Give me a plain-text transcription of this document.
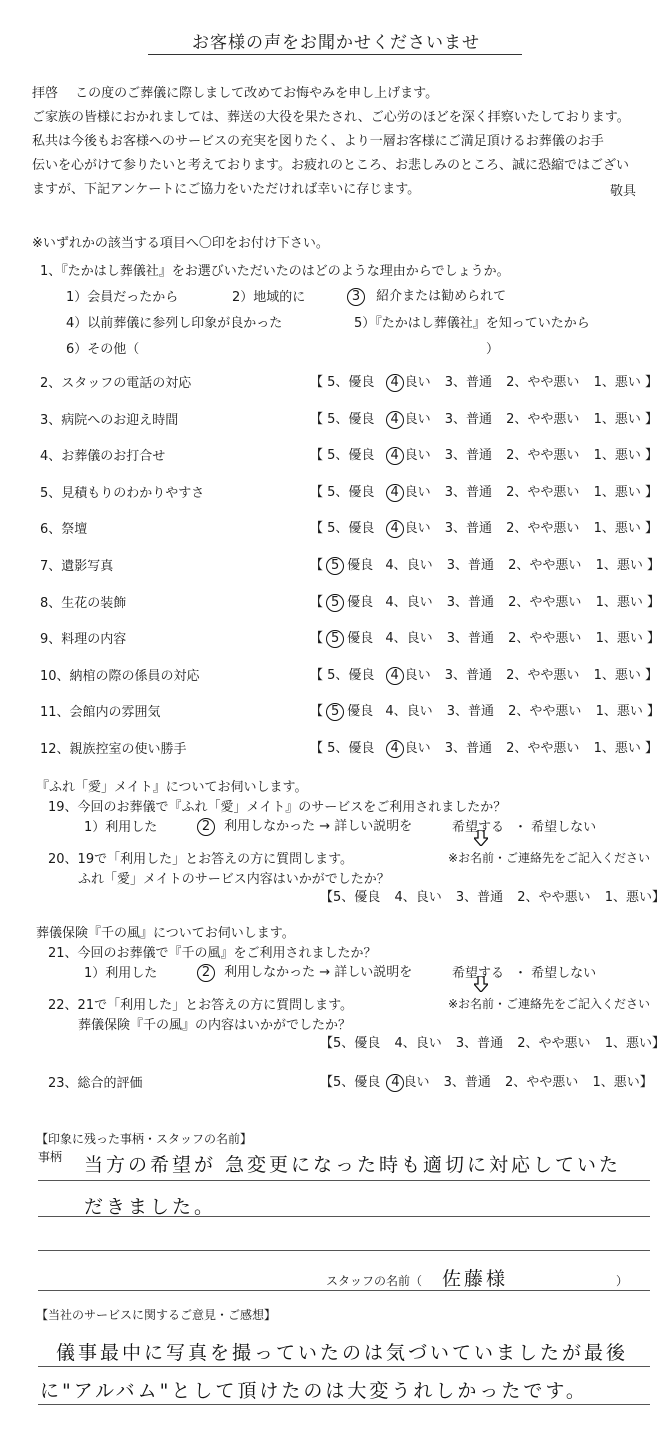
お客様の声をお聞かせくださいませ
拝啓　 この度のご葬儀に際しまして改めてお悔やみを申し上げます。
ご家族の皆様におかれましては、葬送の大役を果たされ、ご心労のほどを深く拝察いたしております。
私共は今後もお客様へのサービスの充実を図りたく、より一層お客様にご満足頂けるお葬儀のお手
伝いを心がけて参りたいと考えております。お疲れのところ、お悲しみのところ、誠に恐縮ではござい
ますが、下記アンケートにご協力をいただければ幸いに存じます。	敬具
※いずれかの該当する項目へ〇印をお付け下さい。
1、『たかはし葬儀社』をお選びいただいたのはどのような理由からでしょうか。
1）会員だったから	2）地域的に	3 紹介または勧められて
4）以前葬儀に参列し印象が良かった	5）『たかはし葬儀社』を知っていたから
6）その他（	）
2、スタッフの電話の対応	【 5、優良 4 良い 3、普通 2、やや悪い 1、悪い 】
3、病院へのお迎え時間	【 5、優良 4 良い 3、普通 2、やや悪い 1、悪い 】
4、お葬儀のお打合せ	【 5、優良 4 良い 3、普通 2、やや悪い 1、悪い 】
5、見積もりのわかりやすさ	【 5、優良 4 良い 3、普通 2、やや悪い 1、悪い 】
6、祭壇	【 5、優良 4 良い 3、普通 2、やや悪い 1、悪い 】
7、遺影写真	【 5 優良 4、良い 3、普通 2、やや悪い 1、悪い 】
8、生花の装飾	【 5 優良 4、良い 3、普通 2、やや悪い 1、悪い 】
9、料理の内容	【 5 優良 4、良い 3、普通 2、やや悪い 1、悪い 】
10、納棺の際の係員の対応	【 5、優良 4 良い 3、普通 2、やや悪い 1、悪い 】
11、会館内の雰囲気	【 5 優良 4、良い 3、普通 2、やや悪い 1、悪い 】
12、親族控室の使い勝手	【 5、優良 4 良い 3、普通 2、やや悪い 1、悪い 】
『ふれ「愛」メイト』についてお伺いします。
19、今回のお葬儀で『ふれ「愛」メイト』のサービスをご利用されましたか？
1）利用した	2 利用しなかった → 詳しい説明を	希望する ・ 希望しない
20、19で「利用した」とお答えの方に質問します。
ふれ「愛」メイトのサービス内容はいかがでしたか？
※お名前・ご連絡先をご記入ください
【5、優良 4、良い 3、普通 2、やや悪い 1、悪い】
葬儀保険『千の風』についてお伺いします。
21、今回のお葬儀で『千の風』をご利用されましたか？
1）利用した	2 利用しなかった → 詳しい説明を	希望する ・ 希望しない
22、21で「利用した」とお答えの方に質問します。
葬儀保険『千の風』の内容はいかがでしたか？
※お名前・ご連絡先をご記入ください
【5、優良 4、良い 3、普通 2、やや悪い 1、悪い】
23、総合的評価	【5、優良 4 良い 3、普通 2、やや悪い 1、悪い】
【印象に残った事柄・スタッフの名前】
事柄 当方の希望が 急変更になった時も適切に対応していた
だきました。
スタッフの名前（ 佐藤様	）
【当社のサービスに関するご意見・ご感想】
儀事最中に写真を撮っていたのは気づいていましたが最後
に"アルバム"として頂けたのは大変うれしかったです。
